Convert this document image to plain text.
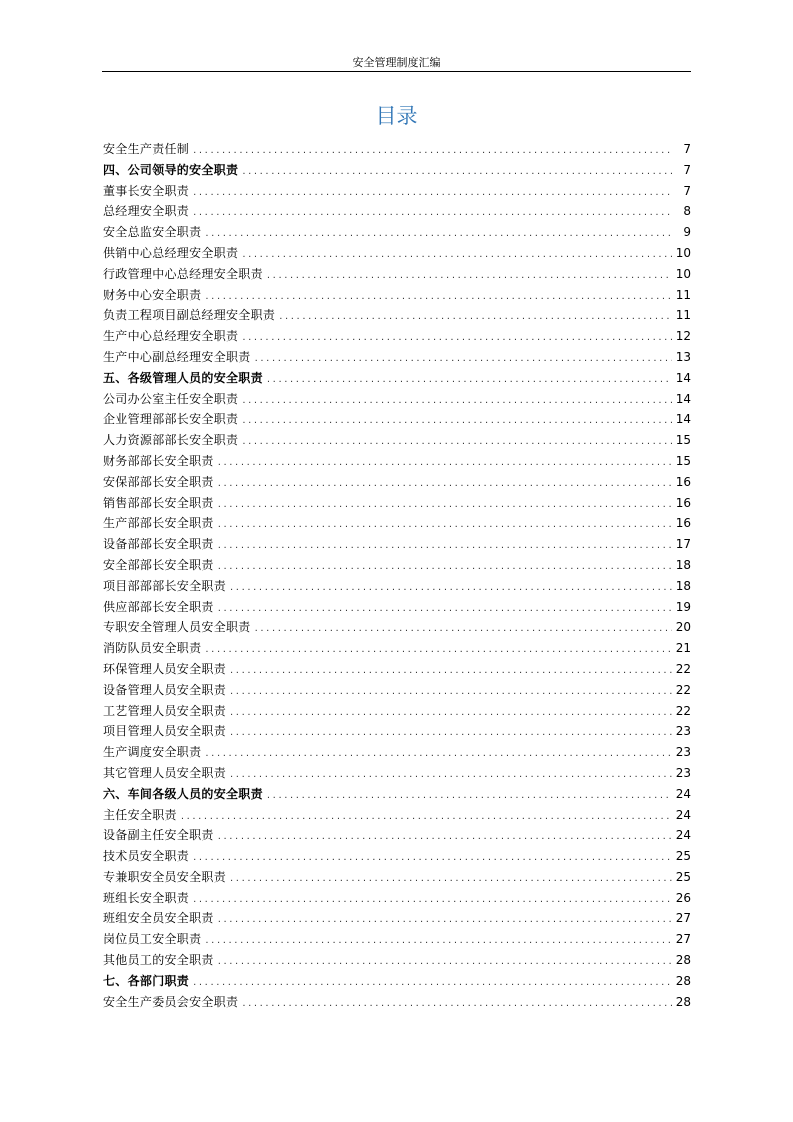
安全管理制度汇编
目录
安全生产责任制 .....	7
四、公司领导的安全职责 .....	7
董事长安全职责 .....	7
总经理安全职责 .....	8
安全总监安全职责 .....	9
供销中心总经理安全职责 .....	10
行政管理中心总经理安全职责 .....	10
财务中心安全职责 .....	11
负责工程项目副总经理安全职责 .....	11
生产中心总经理安全职责 .....	12
生产中心副总经理安全职责 .....	13
五、各级管理人员的安全职责 .....	14
公司办公室主任安全职责 .....	14
企业管理部部长安全职责 .....	14
人力资源部部长安全职责 .....	15
财务部部长安全职责 .....	15
安保部部长安全职责 .....	16
销售部部长安全职责 .....	16
生产部部长安全职责 .....	16
设备部部长安全职责 .....	17
安全部部长安全职责 .....	18
项目部部部长安全职责 .....	18
供应部部长安全职责 .....	19
专职安全管理人员安全职责 .....	20
消防队员安全职责 .....	21
环保管理人员安全职责 .....	22
设备管理人员安全职责 .....	22
工艺管理人员安全职责 .....	22
项目管理人员安全职责 .....	23
生产调度安全职责 .....	23
其它管理人员安全职责 .....	23
六、车间各级人员的安全职责 .....	24
主任安全职责 .....	24
设备副主任安全职责 .....	24
技术员安全职责 .....	25
专兼职安全员安全职责 .....	25
班组长安全职责 .....	26
班组安全员安全职责 .....	27
岗位员工安全职责 .....	27
其他员工的安全职责 .....	28
七、各部门职责 .....	28
安全生产委员会安全职责 .....	28
